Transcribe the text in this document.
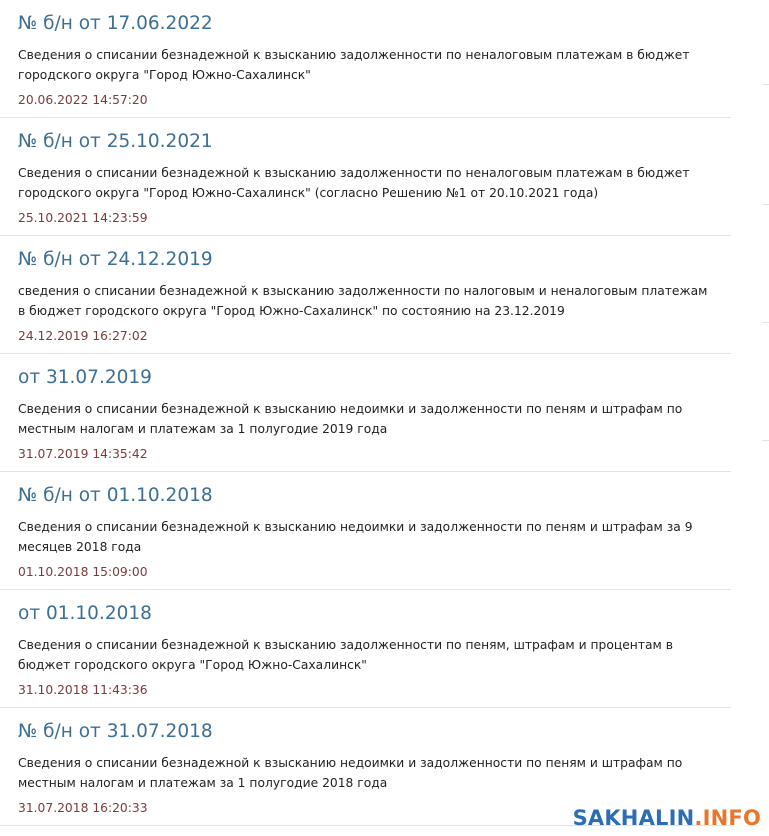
№ б/н от 17.06.2022

Сведения о списании безнадежной к взысканию задолженности по неналоговым платежам в бюджет городского округа "Город Южно-Сахалинск"

20.06.2022 14:57:20
№ б/н от 25.10.2021

Сведения о списании безнадежной к взысканию задолженности по неналоговым платежам в бюджет городского округа "Город Южно-Сахалинск" (согласно Решению №1 от 20.10.2021 года)

25.10.2021 14:23:59
№ б/н от 24.12.2019

сведения о списании безнадежной к взысканию задолженности по налоговым и неналоговым платежам в бюджет городского округа "Город Южно-Сахалинск" по состоянию на 23.12.2019

24.12.2019 16:27:02
от 31.07.2019

Сведения о списании безнадежной к взысканию недоимки и задолженности по пеням и штрафам по местным налогам и платежам за 1 полугодие 2019 года

31.07.2019 14:35:42
№ б/н от 01.10.2018

Сведения о списании безнадежной к взысканию недоимки и задолженности по пеням и штрафам за 9 месяцев 2018 года

01.10.2018 15:09:00
от 01.10.2018

Сведения о списании безнадежной к взысканию задолженности по пеням, штрафам и процентам в бюджет городского округа "Город Южно-Сахалинск"

31.10.2018 11:43:36
№ б/н от 31.07.2018

Сведения о списании безнадежной к взысканию недоимки и задолженности по пеням и штрафам по местным налогам и платежам за 1 полугодие 2018 года

31.07.2018 16:20:33	SAKHALIN.INFO
